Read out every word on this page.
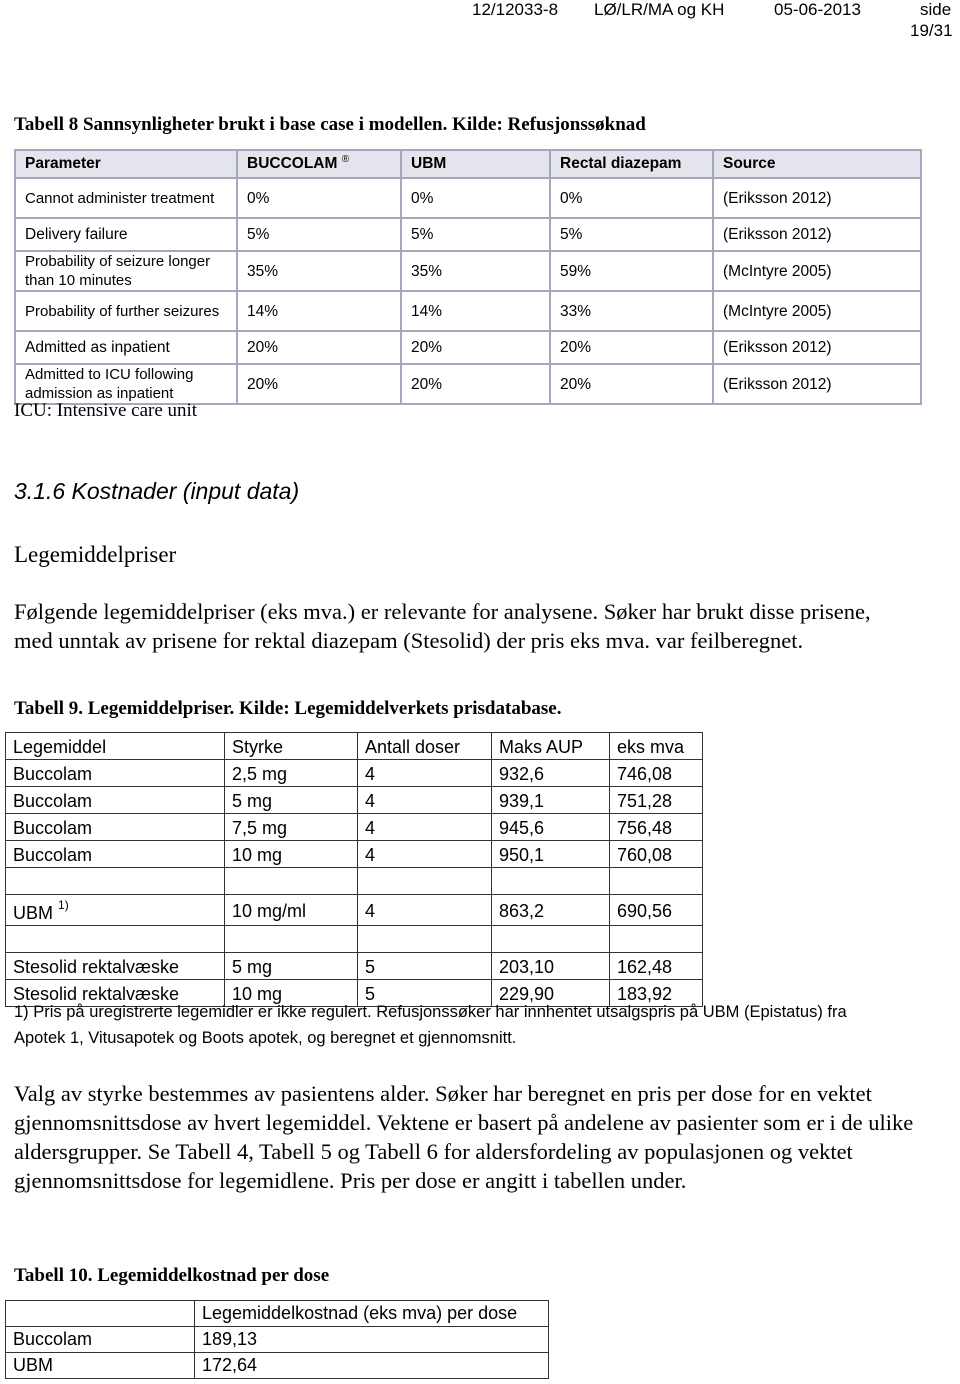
12/12033-8 LØ/LR/MA og KH	05-06-2013	side
19/31
Tabell 8 Sannsynligheter brukt i base case i modellen. Kilde: Refusjonssøknad
Parameter	BUCCOLAM ®	UBM	Rectal diazepam	Source
Cannot administer treatment	0%	0%	0%	(Eriksson 2012)
Delivery failure	5%	5%	5%	(Eriksson 2012)
Probability of seizure longer than 10 minutes	35%	35%	59%	(McIntyre 2005)
Probability of further seizures	14%	14%	33%	(McIntyre 2005)
Admitted as inpatient	20%	20%	20%	(Eriksson 2012)
Admitted to ICU following admission as inpatient	20%	20%	20%	(Eriksson 2012)
ICU: Intensive care unit
3.1.6 Kostnader (input data)
Legemiddelpriser
Følgende legemiddelpriser (eks mva.) er relevante for analysene. Søker har brukt disse prisene, med unntak av prisene for rektal diazepam (Stesolid) der pris eks mva. var feilberegnet.
Tabell 9. Legemiddelpriser. Kilde: Legemiddelverkets prisdatabase.
Legemiddel	Styrke	Antall doser	Maks AUP	eks mva
Buccolam	2,5 mg	4	932,6	746,08
Buccolam	5 mg	4	939,1	751,28
Buccolam	7,5 mg	4	945,6	756,48
Buccolam	10 mg	4	950,1	760,08

UBM $^{1)}$	10 mg/ml	4	863,2	690,56

Stesolid rektalvæske	5 mg	5	203,10	162,48
Stesolid rektalvæske	10 mg	5	229,90	183,92
1) Pris på uregistrerte legemidler er ikke regulert. Refusjonssøker har innhentet utsalgspris på UBM (Epistatus) fra Apotek 1, Vitusapotek og Boots apotek, og beregnet et gjennomsnitt.
Valg av styrke bestemmes av pasientens alder. Søker har beregnet en pris per dose for en vektet gjennomsnittsdose av hvert legemiddel. Vektene er basert på andelene av pasienter som er i de ulike aldersgrupper. Se Tabell 4, Tabell 5 og Tabell 6 for aldersfordeling av populasjonen og vektet gjennomsnittsdose for legemidlene. Pris per dose er angitt i tabellen under.
Tabell 10. Legemiddelkostnad per dose
	Legemiddelkostnad (eks mva) per dose
Buccolam	189,13
UBM	172,64
